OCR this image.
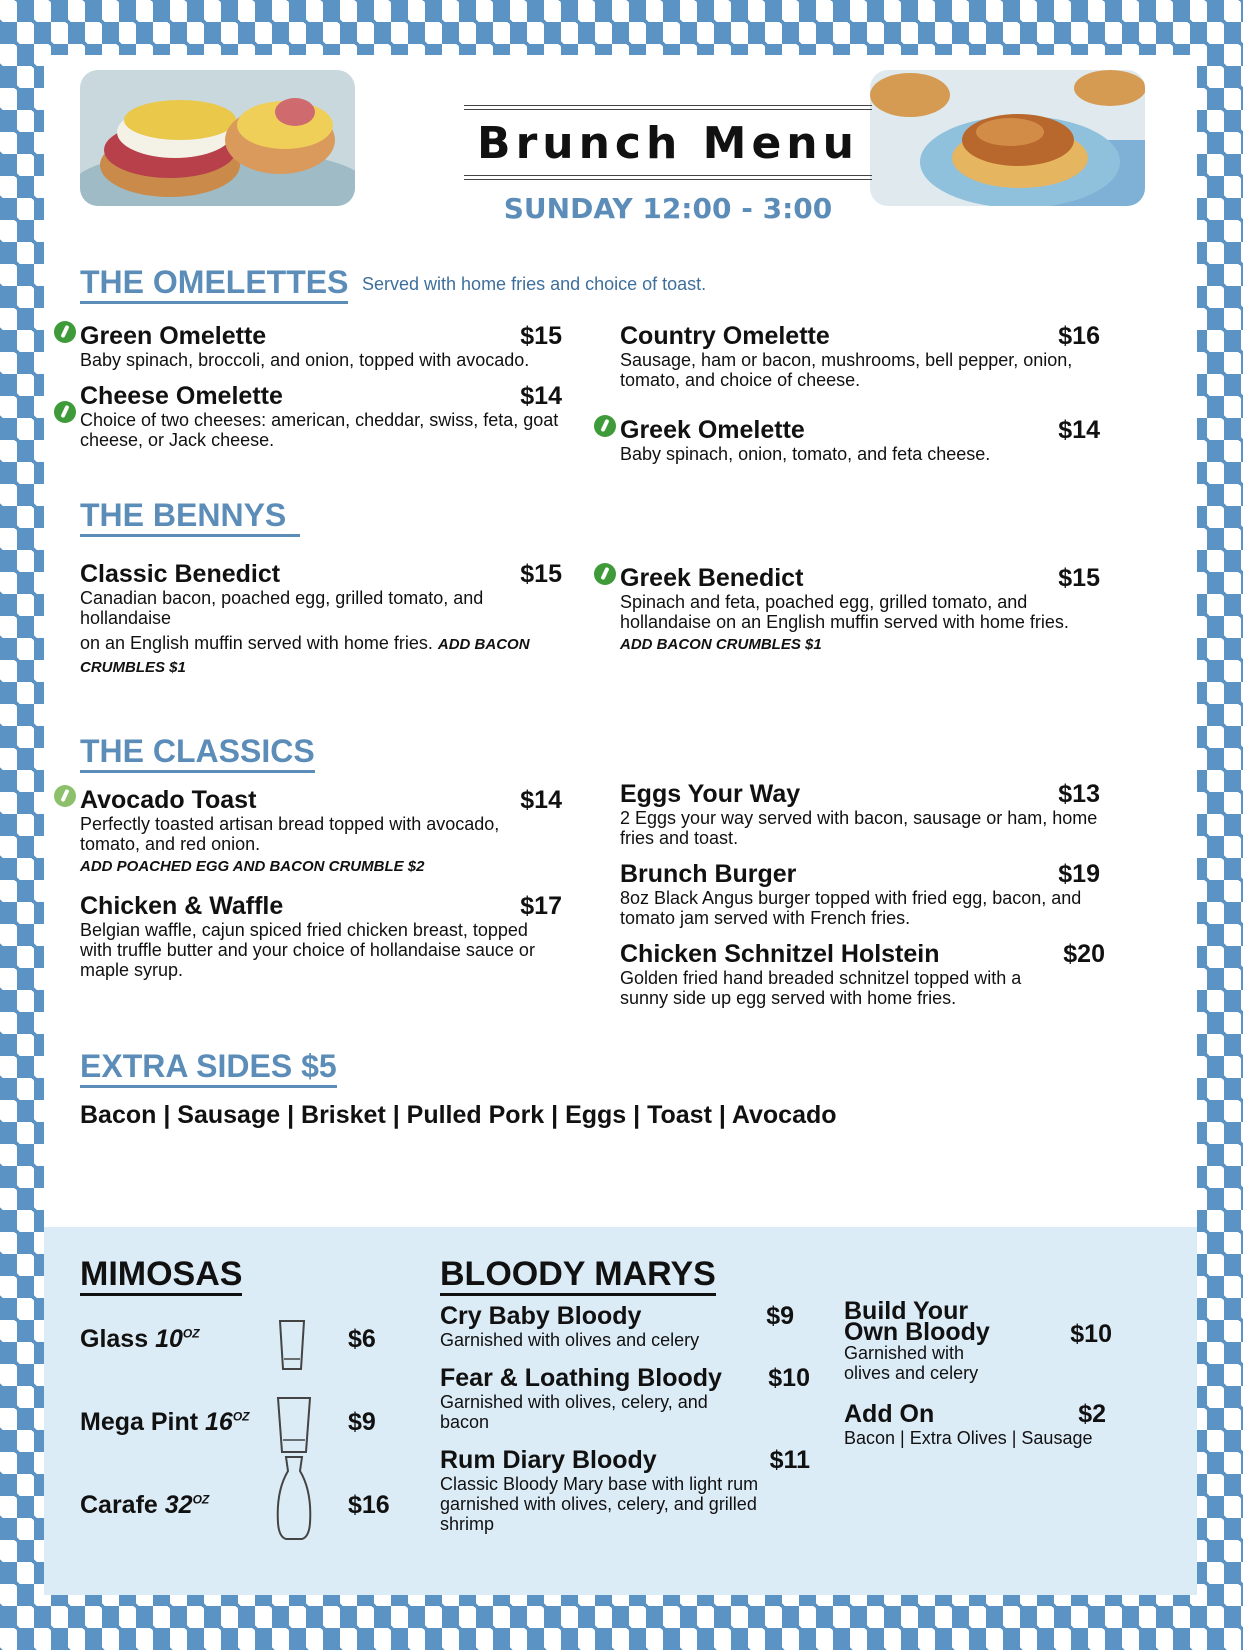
Brunch Menu
SUNDAY 12:00 - 3:00
THE OMELETTES Served with home fries and choice of toast.
Green Omelette	$15
Baby spinach, broccoli, and onion, topped with avocado.
Cheese Omelette	$14
Choice of two cheeses: american, cheddar, swiss, feta, goat cheese, or Jack cheese.
Country Omelette	$16
Sausage, ham or bacon, mushrooms, bell pepper, onion, tomato, and choice of cheese.
Greek Omelette	$14
Baby spinach, onion, tomato, and feta cheese.
THE BENNYS
Classic Benedict	$15
Canadian bacon, poached egg, grilled tomato, and hollandaise
on an English muffin served with home fries. ADD BACON CRUMBLES $1
Greek Benedict	$15
Spinach and feta, poached egg, grilled tomato, and hollandaise on an English muffin served with home fries.
ADD BACON CRUMBLES $1
THE CLASSICS
Avocado Toast	$14
Perfectly toasted artisan bread topped with avocado, tomato, and red onion.
ADD POACHED EGG AND BACON CRUMBLE $2
Chicken & Waffle	$17
Belgian waffle, cajun spiced fried chicken breast, topped with truffle butter and your choice of hollandaise sauce or maple syrup.
Eggs Your Way	$13
2 Eggs your way served with bacon, sausage or ham, home fries and toast.
Brunch Burger	$19
8oz Black Angus burger topped with fried egg, bacon, and tomato jam served with French fries.
Chicken Schnitzel Holstein	$20
Golden fried hand breaded schnitzel topped with a sunny side up egg served with home fries.
EXTRA SIDES $5
Bacon | Sausage | Brisket | Pulled Pork | Eggs | Toast | Avocado
MIMOSAS
Glass $10^{OZ}$	$6
Mega Pint $16^{OZ}$	$9
Carafe $32^{OZ}$	$16
BLOODY MARYS
Cry Baby Bloody	$9
Garnished with olives and celery
Fear & Loathing Bloody	$10
Garnished with olives, celery, and bacon
Rum Diary Bloody	$11
Classic Bloody Mary base with light rum garnished with olives, celery, and grilled shrimp
Build Your Own Bloody	$10
Garnished with olives and celery
Add On	$2
Bacon | Extra Olives | Sausage
